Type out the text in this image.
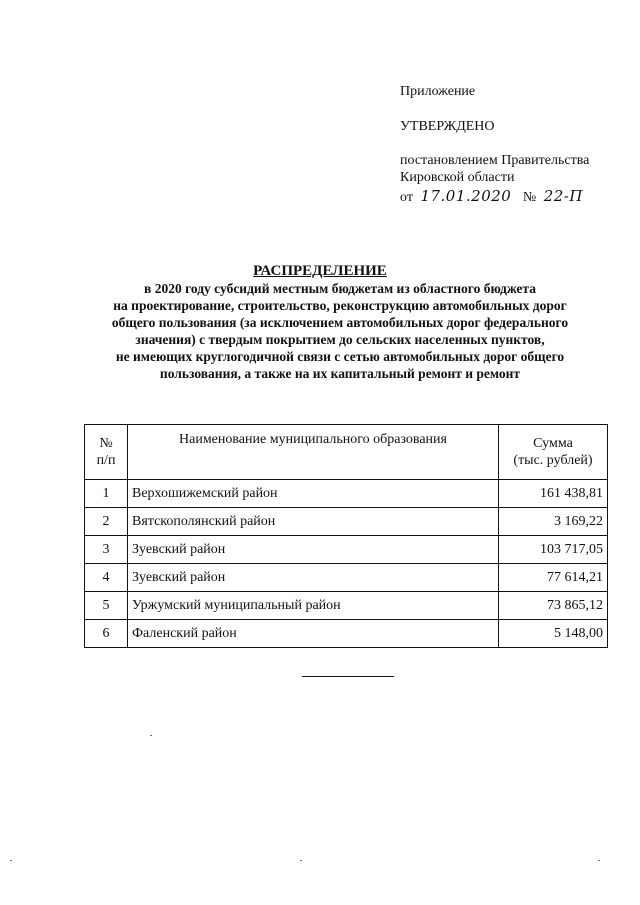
Приложение
УТВЕРЖДЕНО
постановлением Правительства
Кировской области
от 17.01.2020 № 22-П
РАСПРЕДЕЛЕНИЕ
в 2020 году субсидий местным бюджетам из областного бюджета
на проектирование, строительство, реконструкцию автомобильных дорог
общего пользования (за исключением автомобильных дорог федерального
значения) с твердым покрытием до сельских населенных пунктов,
не имеющих круглогодичной связи с сетью автомобильных дорог общего
пользования, а также на их капитальный ремонт и ремонт
№
п/п	Наименование муниципального образования	Сумма
(тыс. рублей)
1	Верхошижемский район	161 438,81
2	Вятскополянский район	3 169,22
3	Зуевский район	103 717,05
4	Зуевский район	77 614,21
5	Уржумский муниципальный район	73 865,12
6	Фаленский район	5 148,00
